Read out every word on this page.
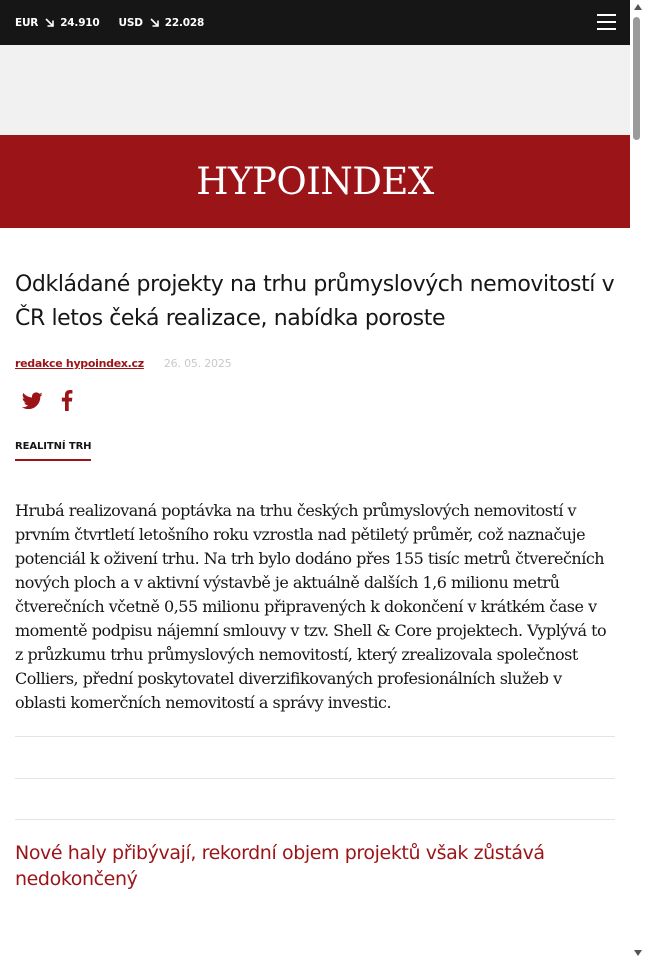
EUR 24.910 USD 22.028
HYPOINDEX
Odkládané projekty na trhu průmyslových nemovitostí v ČR letos čeká realizace, nabídka poroste
redakce hypoindex.cz 26. 05. 2025
REALITNÍ TRH

Hrubá realizovaná poptávka na trhu českých průmyslových nemovitostí v prvním čtvrtletí letošního roku vzrostla nad pětiletý průměr, což naznačuje potenciál k oživení trhu. Na trh bylo dodáno přes 155 tisíc metrů čtverečních nových ploch a v aktivní výstavbě je aktuálně dalších 1,6 milionu metrů čtverečních včetně 0,55 milionu připravených k dokončení v krátkém čase v momentě podpisu nájemní smlouvy v tzv. Shell & Core projektech. Vyplývá to z průzkumu trhu průmyslových nemovitostí, který zrealizovala společnost Colliers, přední poskytovatel diverzifikovaných profesionálních služeb v oblasti komerčních nemovitostí a správy investic.

Nové haly přibývají, rekordní objem projektů však zůstává nedokončený
